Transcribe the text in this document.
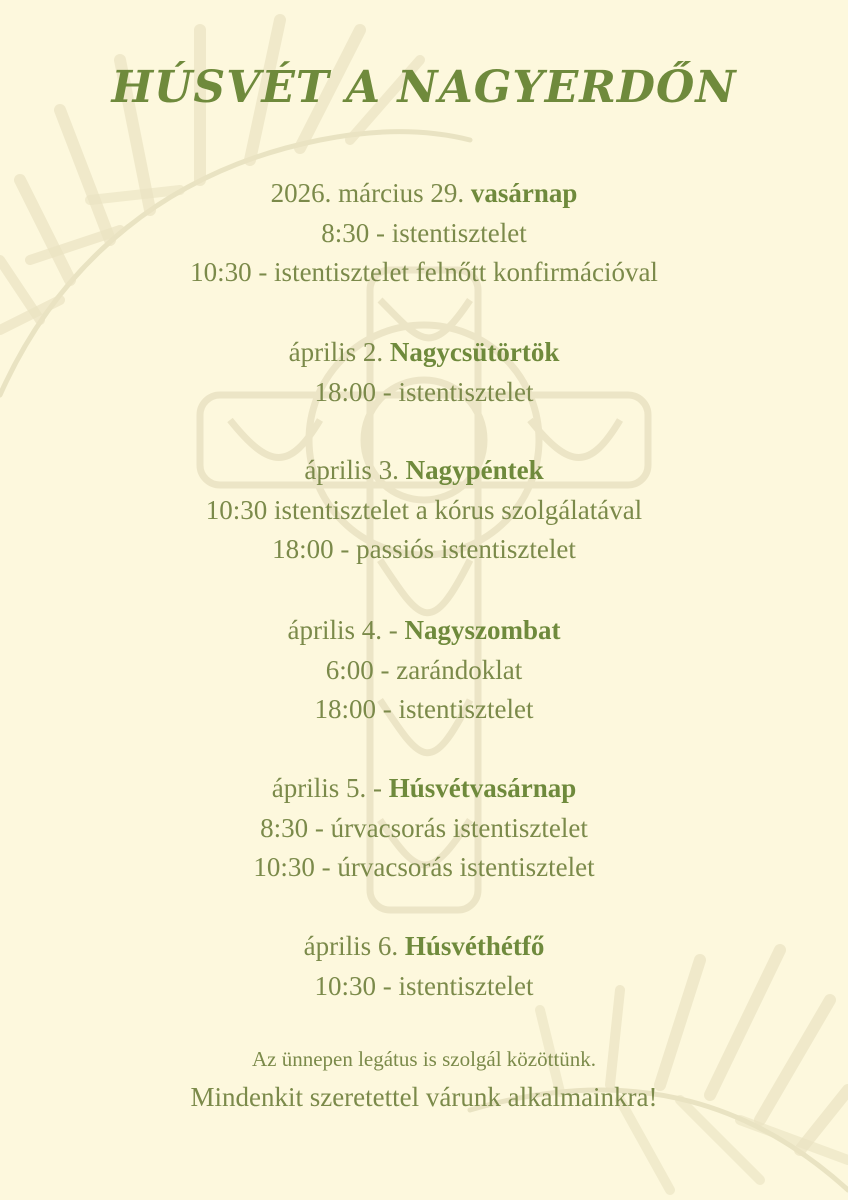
HÚSVÉT A NAGYERDŐN
2026. március 29. vasárnap
8:30 - istentisztelet
10:30 - istentisztelet felnőtt konfirmációval
április 2. Nagycsütörtök
18:00 - istentisztelet
április 3. Nagypéntek
10:30 istentisztelet a kórus szolgálatával
18:00 - passiós istentisztelet
április 4. - Nagyszombat
6:00 - zarándoklat
18:00 - istentisztelet
április 5. - Húsvétvasárnap
8:30 - úrvacsorás istentisztelet
10:30 - úrvacsorás istentisztelet
április 6. Húsvéthétfő
10:30 - istentisztelet
Az ünnepen legátus is szolgál közöttünk.
Mindenkit szeretettel várunk alkalmainkra!
